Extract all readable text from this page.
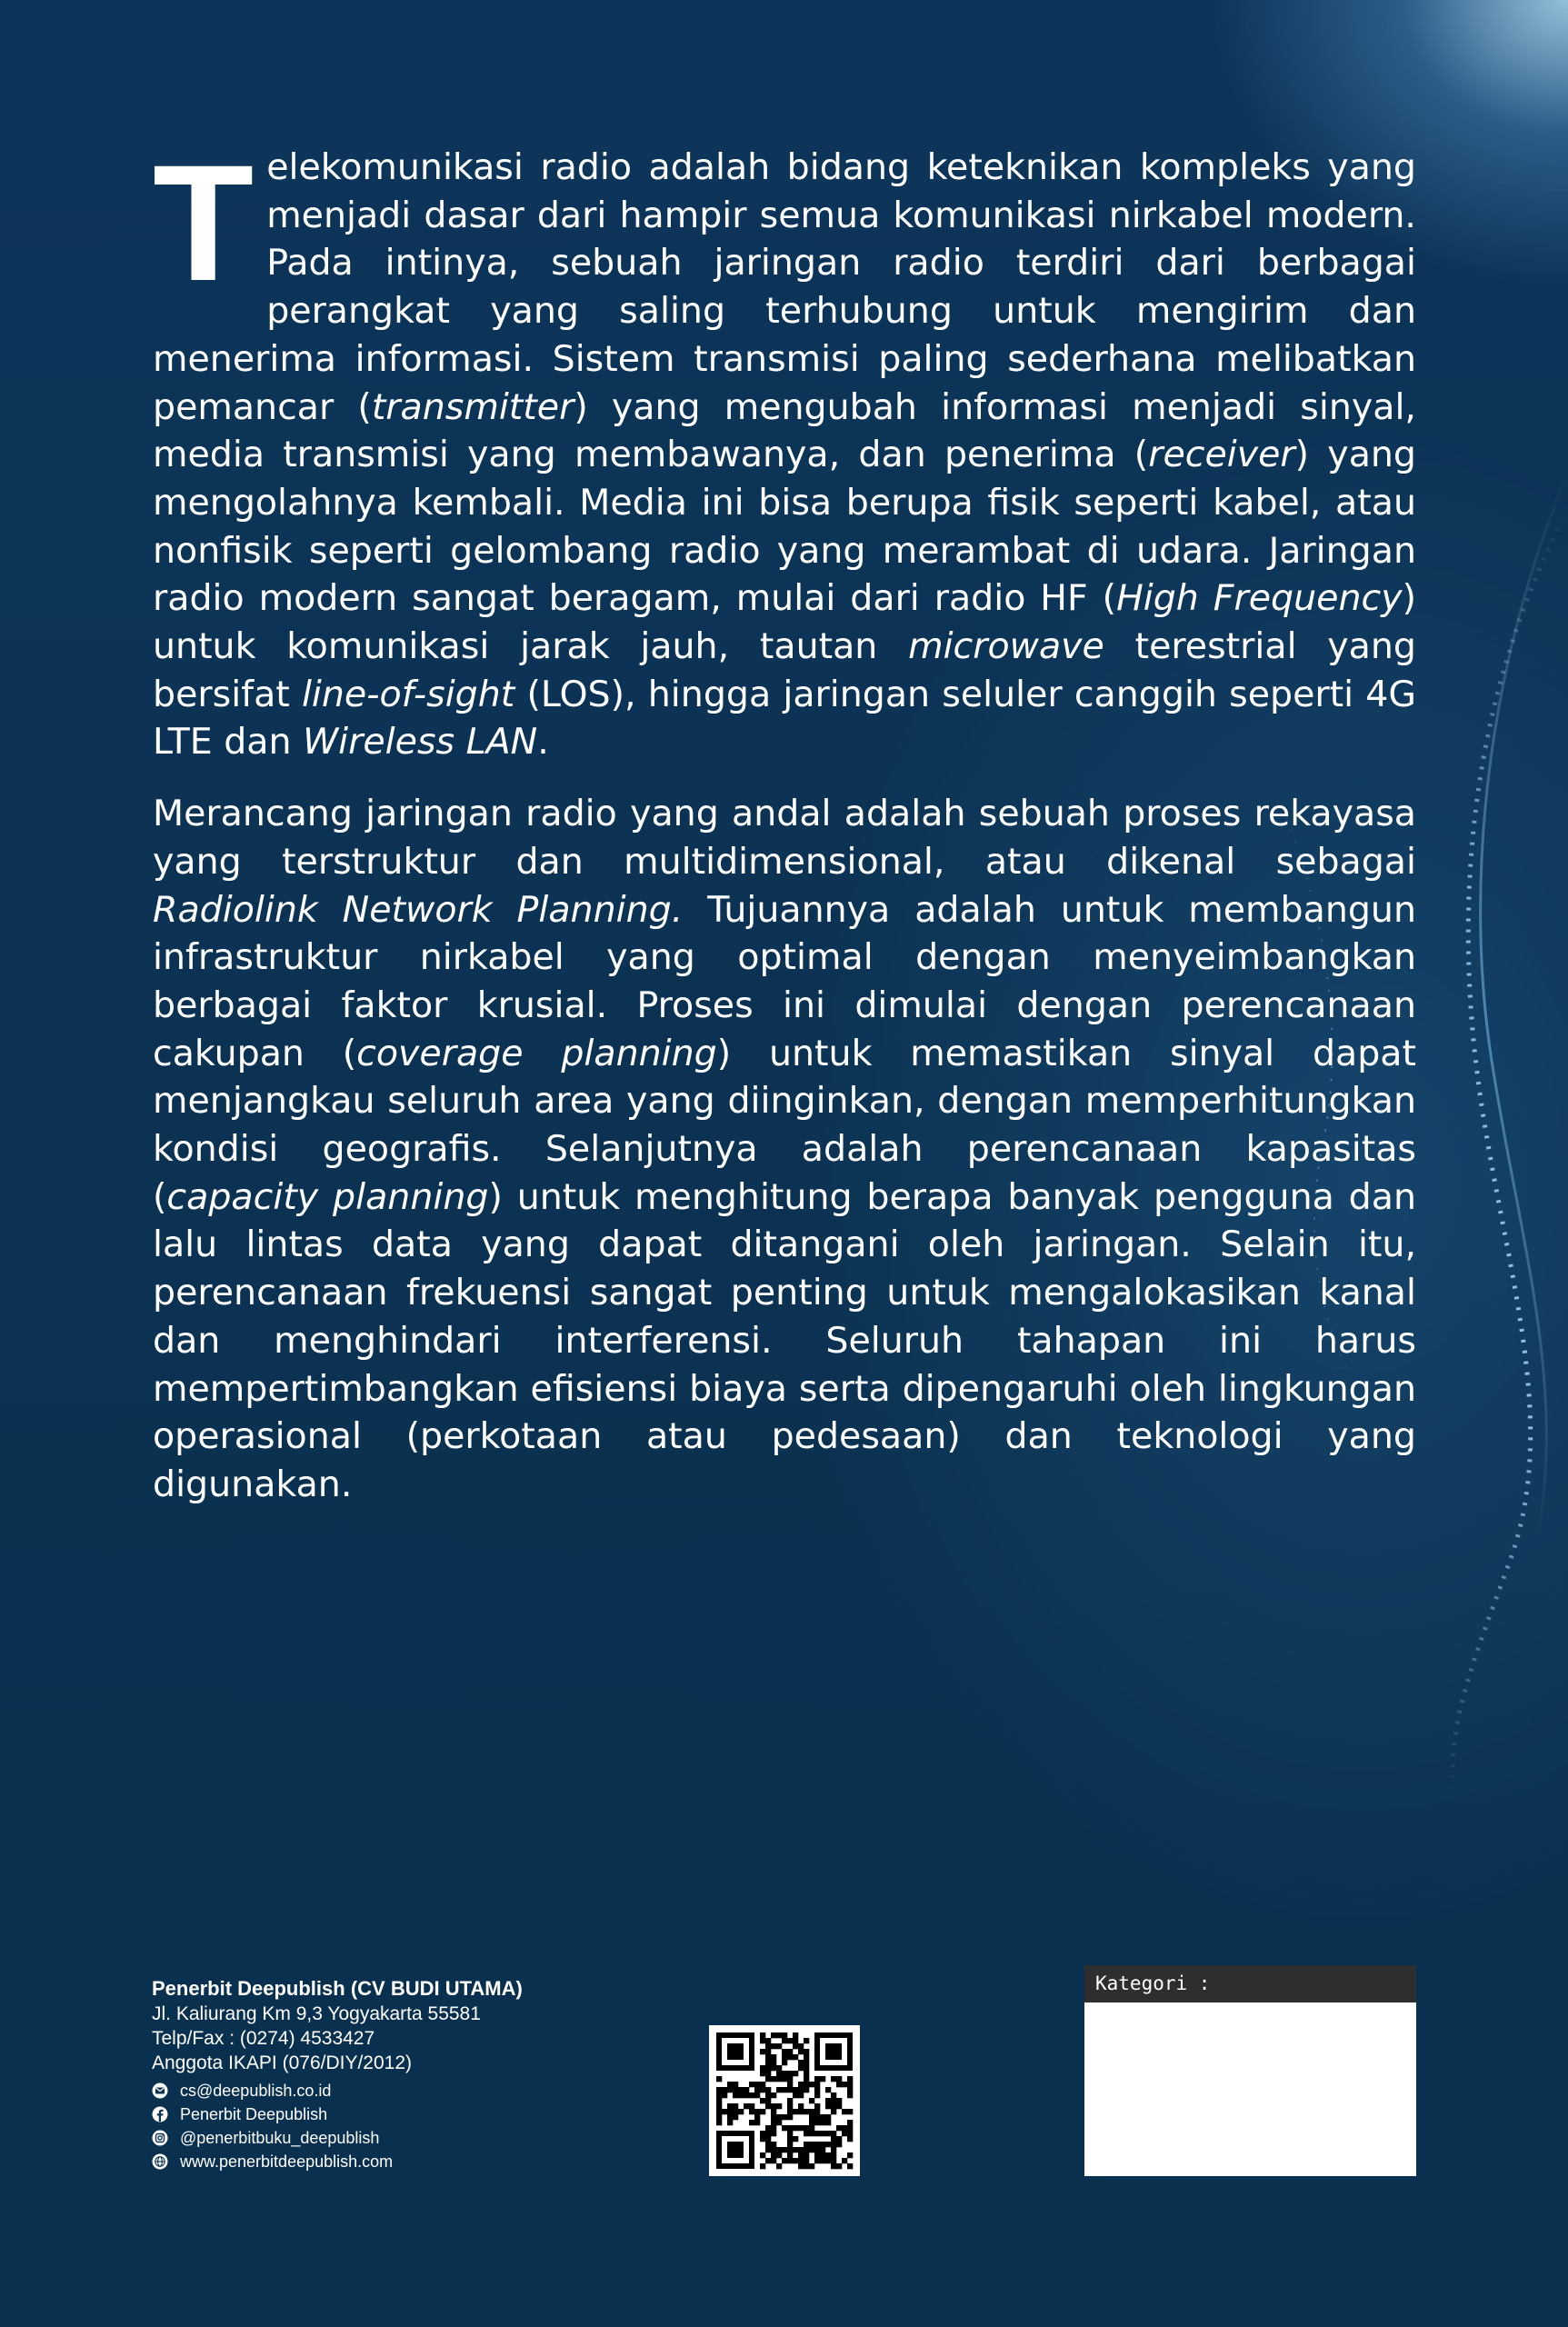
Telekomunikasi radio adalah bidang keteknikan kompleks yang menjadi dasar dari hampir semua komunikasi nirkabel modern. Pada intinya, sebuah jaringan radio terdiri dari berbagai perangkat yang saling terhubung untuk mengirim dan menerima informasi. Sistem transmisi paling sederhana melibatkan pemancar (transmitter) yang mengubah informasi menjadi sinyal, media transmisi yang membawanya, dan penerima (receiver) yang mengolahnya kembali. Media ini bisa berupa fisik seperti kabel, atau nonfisik seperti gelombang radio yang merambat di udara. Jaringan radio modern sangat beragam, mulai dari radio HF (High Frequency) untuk komunikasi jarak jauh, tautan microwave terestrial yang bersifat line-of-sight (LOS), hingga jaringan seluler canggih seperti 4G LTE dan Wireless LAN.

Merancang jaringan radio yang andal adalah sebuah proses rekayasa yang terstruktur dan multidimensional, atau dikenal sebagai Radiolink Network Planning. Tujuannya adalah untuk membangun infrastruktur nirkabel yang optimal dengan menyeimbangkan berbagai faktor krusial. Proses ini dimulai dengan perencanaan cakupan (coverage planning) untuk memastikan sinyal dapat menjangkau seluruh area yang diinginkan, dengan memperhitungkan kondisi geografis. Selanjutnya adalah perencanaan kapasitas (capacity planning) untuk menghitung berapa banyak pengguna dan lalu lintas data yang dapat ditangani oleh jaringan. Selain itu, perencanaan frekuensi sangat penting untuk mengalokasikan kanal dan menghindari interferensi. Seluruh tahapan ini harus mempertimbangkan efisiensi biaya serta dipengaruhi oleh lingkungan operasional (perkotaan atau pedesaan) dan teknologi yang digunakan.

Penerbit Deepublish (CV BUDI UTAMA)
Jl. Kaliurang Km 9,3 Yogyakarta 55581
Telp/Fax : (0274) 4533427
Anggota IKAPI (076/DIY/2012)
cs@deepublish.co.id
Penerbit Deepublish
@penerbitbuku_deepublish
www.penerbitdeepublish.com
Kategori :
